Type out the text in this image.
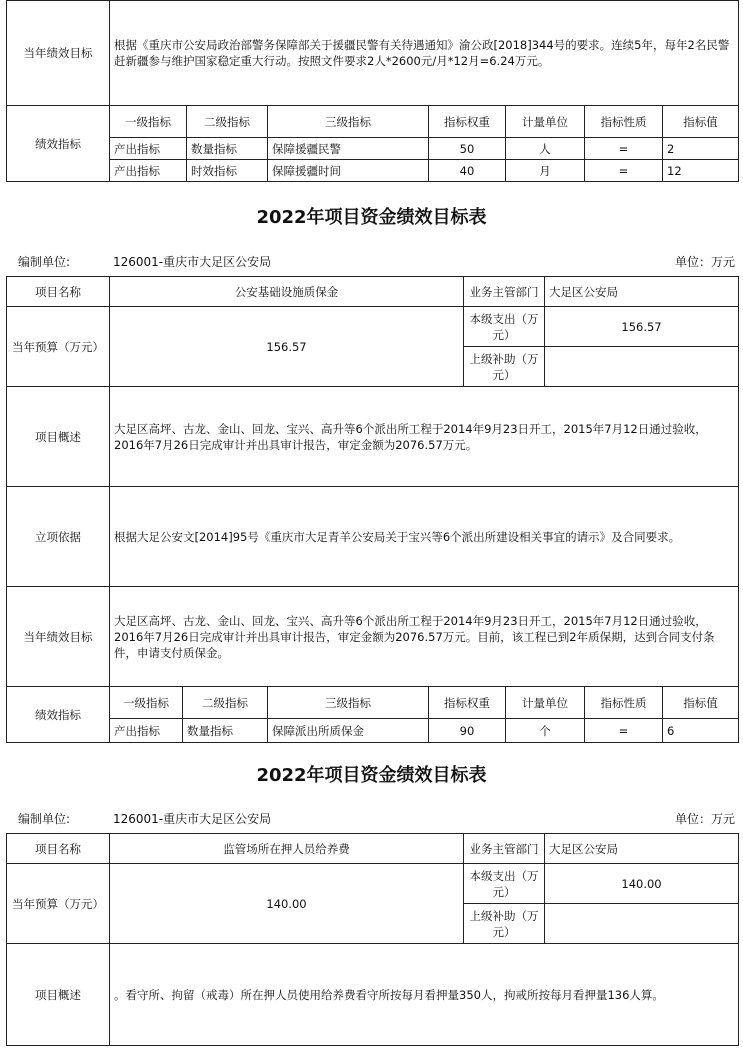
当年绩效目标	根据《重庆市公安局政治部警务保障部关于援疆民警有关待遇通知》渝公政[2018]344号的要求。连续5年，每年2名民警赶新疆参与维护国家稳定重大行动。按照文件要求2人*2600元/月*12月=6.24万元。
绩效指标	一级指标	二级指标	三级指标	指标权重	计量单位	指标性质	指标值
	产出指标	数量指标	保障援疆民警	50	人	=	2
	产出指标	时效指标	保障援疆时间	40	月	=	12
2022年项目资金绩效目标表
编制单位:	126001-重庆市大足区公安局	单位：万元
项目名称	公安基础设施质保金	业务主管部门	大足区公安局
当年预算（万元）	156.57	本级支出（万元）	156.57
		上级补助（万元）	
项目概述	大足区高坪、古龙、金山、回龙、宝兴、高升等6个派出所工程于2014年9月23日开工，2015年7月12日通过验收，2016年7月26日完成审计并出具审计报告，审定金额为2076.57万元。
立项依据	根据大足公安文[2014]95号《重庆市大足青羊公安局关于宝兴等6个派出所建设相关事宜的请示》及合同要求。
当年绩效目标	大足区高坪、古龙、金山、回龙、宝兴、高升等6个派出所工程于2014年9月23日开工，2015年7月12日通过验收，2016年7月26日完成审计并出具审计报告，审定金额为2076.57万元。目前，该工程已到2年质保期，达到合同支付条件，申请支付质保金。
绩效指标	一级指标	二级指标	三级指标	指标权重	计量单位	指标性质	指标值
	产出指标	数量指标	保障派出所质保金	90	个	=	6
2022年项目资金绩效目标表
编制单位:	126001-重庆市大足区公安局	单位：万元
项目名称	监管场所在押人员给养费	业务主管部门	大足区公安局
当年预算（万元）	140.00	本级支出（万元）	140.00
		上级补助（万元）	
项目概述	。看守所、拘留（戒毒）所在押人员使用给养费看守所按每月看押量350人，拘戒所按每月看押量136人算。
